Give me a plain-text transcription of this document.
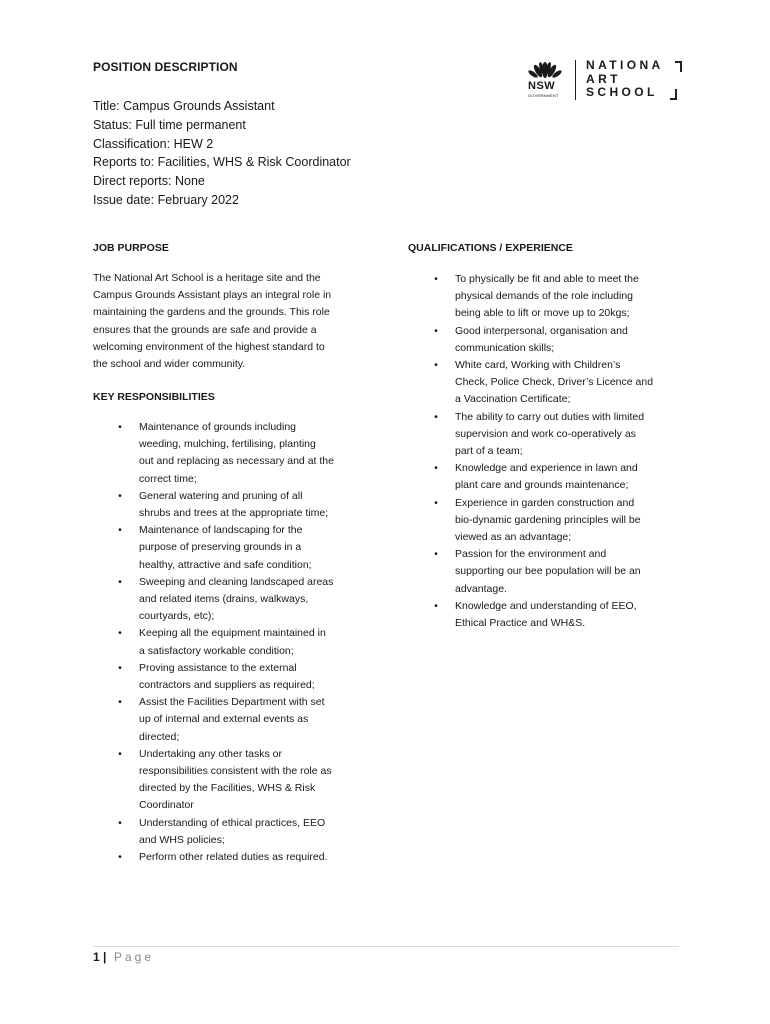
POSITION DESCRIPTION
Title: Campus Grounds Assistant
Status: Full time permanent
Classification: HEW 2
Reports to: Facilities, WHS & Risk Coordinator
Direct reports: None
Issue date: February 2022
NSW
GOVERNMENT
NATIONA
ART
SCHOOL
JOB PURPOSE
The National Art School is a heritage site and the
Campus Grounds Assistant plays an integral role in
maintaining the gardens and the grounds. This role
ensures that the grounds are safe and provide a
welcoming environment of the highest standard to
the school and wider community.
KEY RESPONSIBILITIES
•	Maintenance of grounds including
weeding, mulching, fertilising, planting
out and replacing as necessary and at the
correct time;
•	General watering and pruning of all
shrubs and trees at the appropriate time;
•	Maintenance of landscaping for the
purpose of preserving grounds in a
healthy, attractive and safe condition;
•	Sweeping and cleaning landscaped areas
and related items (drains, walkways,
courtyards, etc);
•	Keeping all the equipment maintained in
a satisfactory workable condition;
•	Proving assistance to the external
contractors and suppliers as required;
•	Assist the Facilities Department with set
up of internal and external events as
directed;
•	Undertaking any other tasks or
responsibilities consistent with the role as
directed by the Facilities, WHS & Risk
Coordinator
•	Understanding of ethical practices, EEO
and WHS policies;
•	Perform other related duties as required.
QUALIFICATIONS / EXPERIENCE
•	To physically be fit and able to meet the
physical demands of the role including
being able to lift or move up to 20kgs;
•	Good interpersonal, organisation and
communication skills;
•	White card, Working with Children’s
Check, Police Check, Driver’s Licence and
a Vaccination Certificate;
•	The ability to carry out duties with limited
supervision and work co-operatively as
part of a team;
•	Knowledge and experience in lawn and
plant care and grounds maintenance;
•	Experience in garden construction and
bio-dynamic gardening principles will be
viewed as an advantage;
•	Passion for the environment and
supporting our bee population will be an
advantage.
•	Knowledge and understanding of EEO,
Ethical Practice and WH&S.
1 | Page
